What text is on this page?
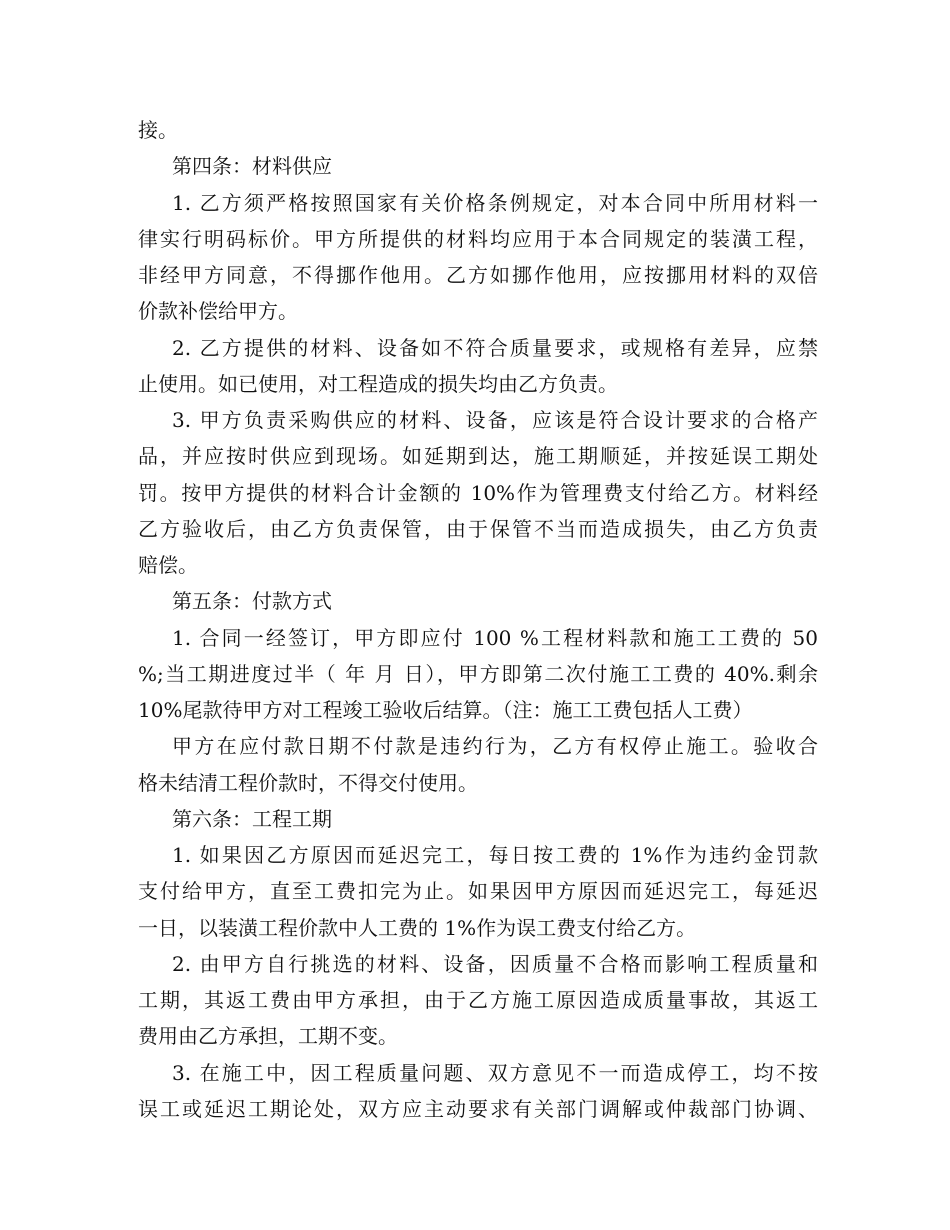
接。
第四条：材料供应
1. 乙方须严格按照国家有关价格条例规定，对本合同中所用材料一
律实行明码标价。甲方所提供的材料均应用于本合同规定的装潢工程，
非经甲方同意，不得挪作他用。乙方如挪作他用，应按挪用材料的双倍
价款补偿给甲方。
2. 乙方提供的材料、设备如不符合质量要求，或规格有差异，应禁
止使用。如已使用，对工程造成的损失均由乙方负责。
3. 甲方负责采购供应的材料、设备，应该是符合设计要求的合格产
品，并应按时供应到现场。如延期到达，施工期顺延，并按延误工期处
罚。按甲方提供的材料合计金额的 10%作为管理费支付给乙方。材料经
乙方验收后，由乙方负责保管，由于保管不当而造成损失，由乙方负责
赔偿。
第五条：付款方式
1. 合同一经签订，甲方即应付 100 %工程材料款和施工工费的 50
%;当工期进度过半（ 年 月 日），甲方即第二次付施工工费的 40%.剩余
10%尾款待甲方对工程竣工验收后结算。（注：施工工费包括人工费）
甲方在应付款日期不付款是违约行为，乙方有权停止施工。验收合
格未结清工程价款时，不得交付使用。
第六条：工程工期
1. 如果因乙方原因而延迟完工，每日按工费的 1%作为违约金罚款
支付给甲方，直至工费扣完为止。如果因甲方原因而延迟完工，每延迟
一日，以装潢工程价款中人工费的 1%作为误工费支付给乙方。
2. 由甲方自行挑选的材料、设备，因质量不合格而影响工程质量和
工期，其返工费由甲方承担，由于乙方施工原因造成质量事故，其返工
费用由乙方承担，工期不变。
3. 在施工中，因工程质量问题、双方意见不一而造成停工，均不按
误工或延迟工期论处，双方应主动要求有关部门调解或仲裁部门协调、
